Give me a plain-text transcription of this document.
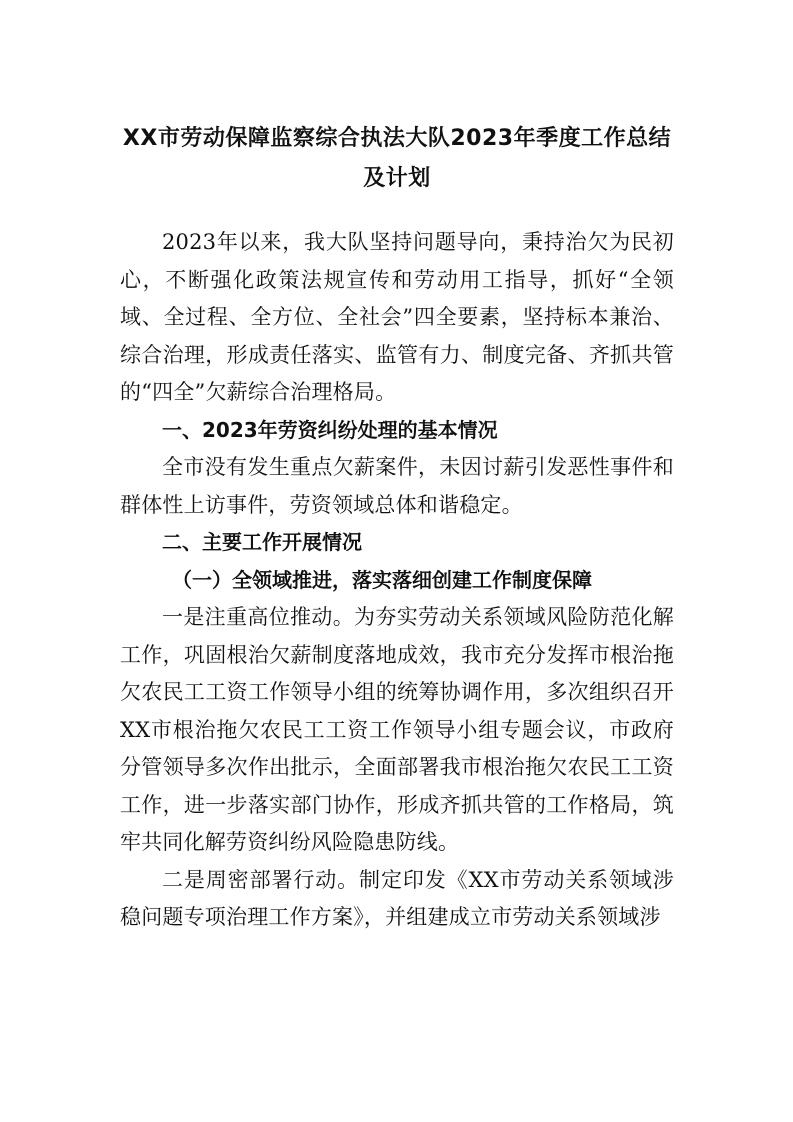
XX市劳动保障监察综合执法大队2023年季度工作总结及计划

2023年以来，我大队坚持问题导向，秉持治欠为民初心，不断强化政策法规宣传和劳动用工指导，抓好“全领域、全过程、全方位、全社会”四全要素，坚持标本兼治、综合治理，形成责任落实、监管有力、制度完备、齐抓共管的“四全”欠薪综合治理格局。

一、2023年劳资纠纷处理的基本情况

全市没有发生重点欠薪案件，未因讨薪引发恶性事件和群体性上访事件，劳资领域总体和谐稳定。

二、主要工作开展情况

（一）全领域推进，落实落细创建工作制度保障

一是注重高位推动。为夯实劳动关系领域风险防范化解工作，巩固根治欠薪制度落地成效，我市充分发挥市根治拖欠农民工工资工作领导小组的统筹协调作用，多次组织召开XX市根治拖欠农民工工资工作领导小组专题会议，市政府分管领导多次作出批示，全面部署我市根治拖欠农民工工资工作，进一步落实部门协作，形成齐抓共管的工作格局，筑牢共同化解劳资纠纷风险隐患防线。

二是周密部署行动。制定印发《XX市劳动关系领域涉稳问题专项治理工作方案》，并组建成立市劳动关系领域涉
